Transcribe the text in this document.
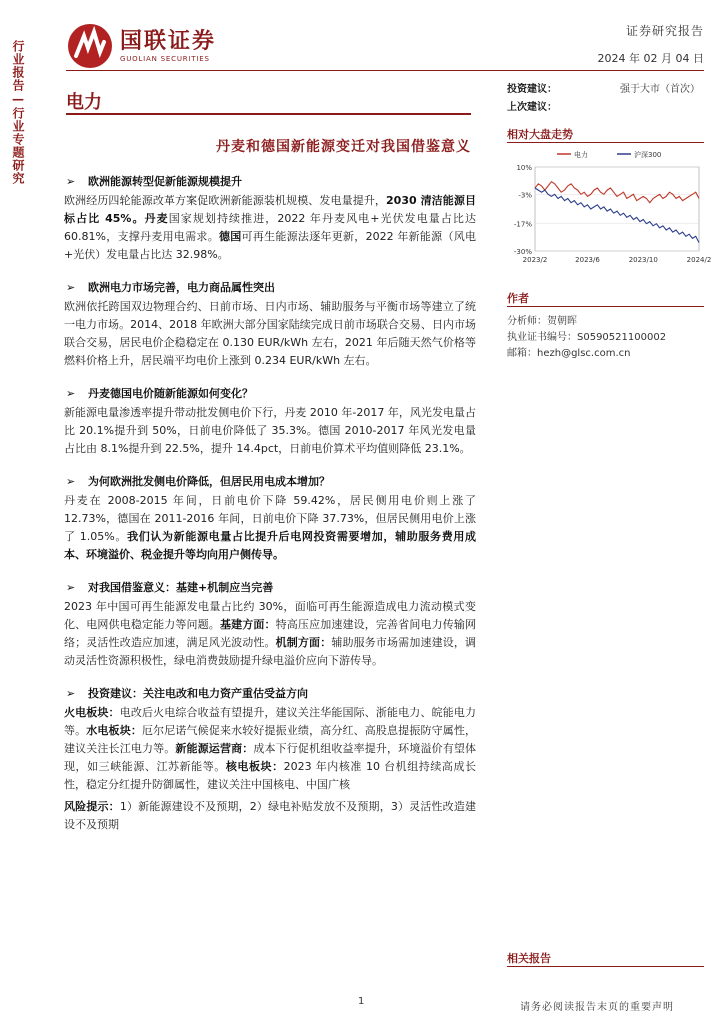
行业报告—行业专题研究	国联证券
GUOLIAN SECURITIES
证券研究报告
2024 年 02 月 04 日
电力
丹麦和德国新能源变迁对我国借鉴意义
➢	欧洲能源转型促新能源规模提升
欧洲经历四轮能源改革方案促欧洲新能源装机规模、发电量提升，2030 清洁能源目标占比 45%。丹麦国家规划持续推进，2022 年丹麦风电+光伏发电量占比达 60.81%，支撑丹麦用电需求。德国可再生能源法逐年更新，2022 年新能源（风电+光伏）发电量占比达 32.98%。
➢	欧洲电力市场完善，电力商品属性突出
欧洲依托跨国双边物理合约、日前市场、日内市场、辅助服务与平衡市场等建立了统一电力市场。2014、2018 年欧洲大部分国家陆续完成日前市场联合交易、日内市场联合交易，居民电价企稳稳定在 0.130 EUR/kWh 左右，2021 年后随天然气价格等燃料价格上升，居民端平均电价上涨到 0.234 EUR/kWh 左右。
➢	丹麦德国电价随新能源如何变化？
新能源电量渗透率提升带动批发侧电价下行，丹麦 2010 年-2017 年，风光发电量占比 20.1%提升到 50%，日前电价降低了 35.3%。德国 2010-2017 年风光发电量占比由 8.1%提升到 22.5%，提升 14.4pct，日前电价算术平均值则降低 23.1%。
➢	为何欧洲批发侧电价降低，但居民用电成本增加？
丹麦在 2008-2015 年间，日前电价下降 59.42%，居民侧用电价则上涨了 12.73%，德国在 2011-2016 年间，日前电价下降 37.73%，但居民侧用电价上涨了 1.05%。我们认为新能源电量占比提升后电网投资需要增加，辅助服务费用成本、环境溢价、税金提升等均向用户侧传导。
➢	对我国借鉴意义：基建+机制应当完善
2023 年中国可再生能源发电量占比约 30%，面临可再生能源造成电力流动模式变化、电网供电稳定能力等问题。基建方面：特高压应加速建设，完善省间电力传输网络；灵活性改造应加速，满足风光波动性。机制方面：辅助服务市场需加速建设，调动灵活性资源积极性，绿电消费鼓励提升绿电溢价应向下游传导。
➢	投资建议：关注电改和电力资产重估受益方向
火电板块：电改后火电综合收益有望提升，建议关注华能国际、浙能电力、皖能电力等。水电板块：厄尔尼诺气候促来水较好提振业绩，高分红、高股息提振防守属性，建议关注长江电力等。新能源运营商：成本下行促机组收益率提升，环境溢价有望体现，如三峡能源、江苏新能等。核电板块：2023 年内核准 10 台机组持续高成长性，稳定分红提升防御属性，建议关注中国核电、中国广核
风险提示：1）新能源建设不及预期，2）绿电补贴发放不及预期，3）灵活性改造建设不及预期
投资建议：	强于大市（首次）
上次建议：
相对大盘走势
10%
-3%
-17%
-30%
2023/2	2023/6	2023/10	2024/2
电力	沪深300
作者
分析师：贺朝晖
执业证书编号：S0590521100002
邮箱：hezh@glsc.com.cn
相关报告
1
请务必阅读报告末页的重要声明
